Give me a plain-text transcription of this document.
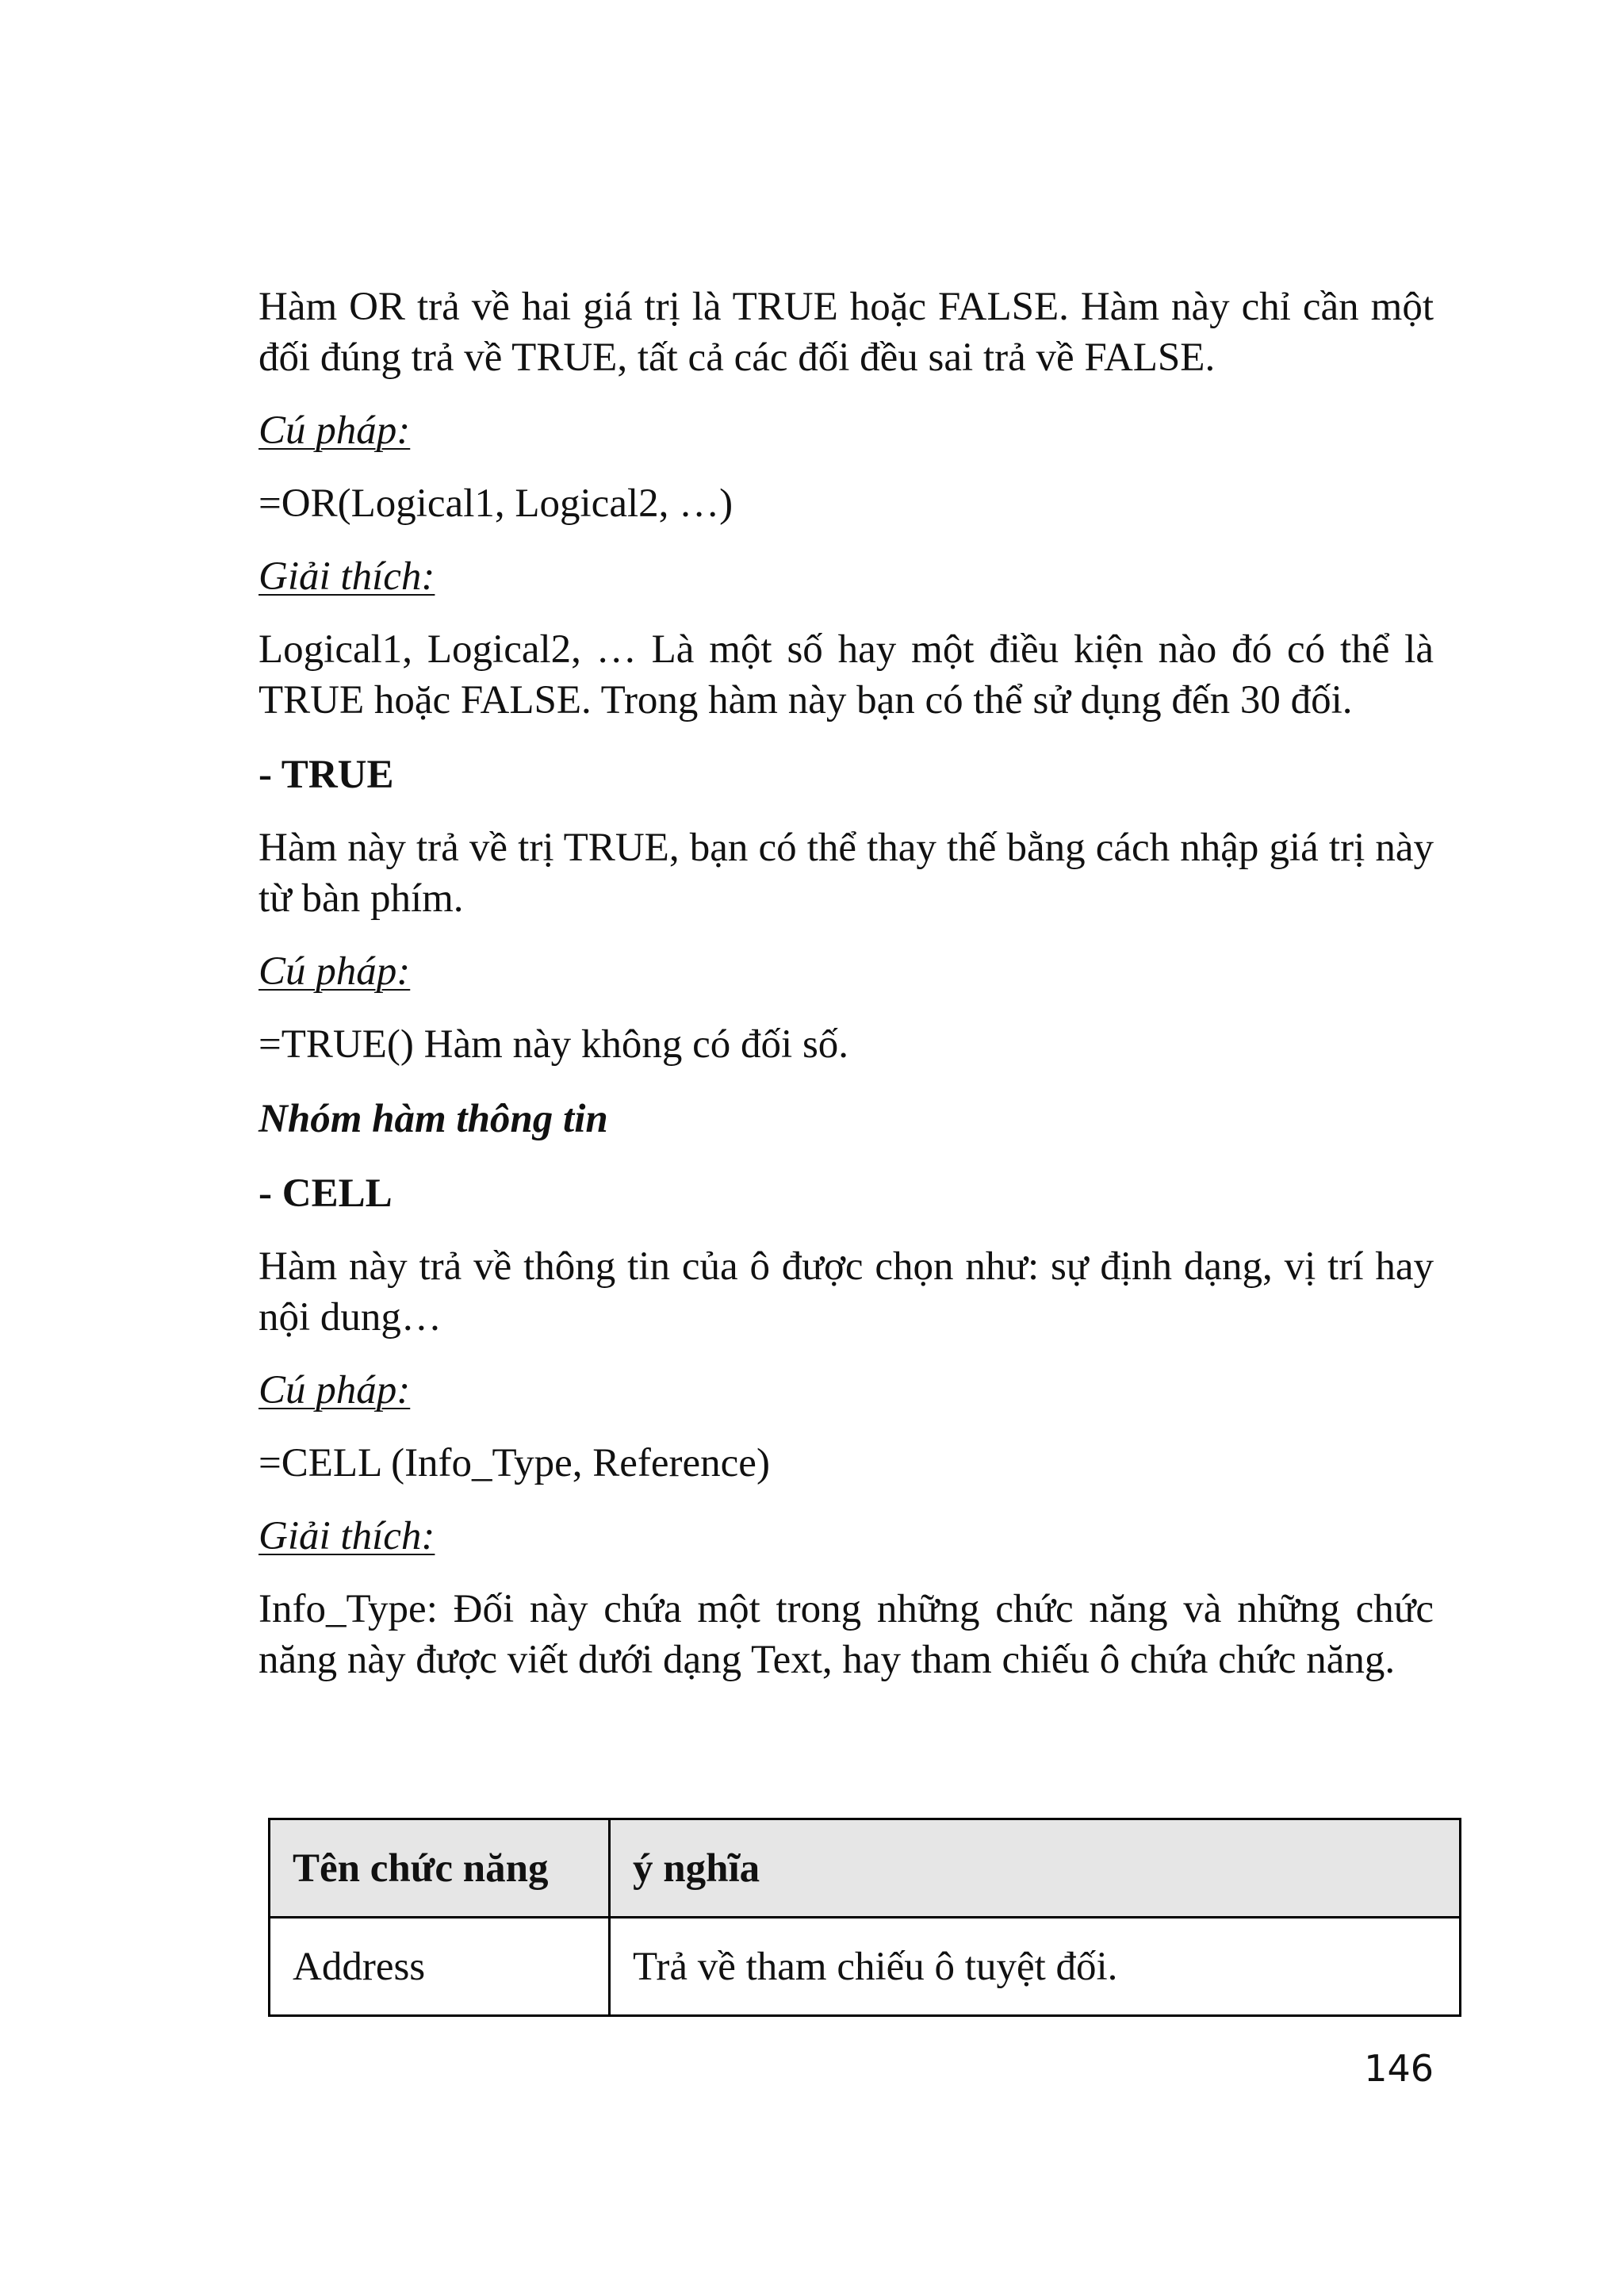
Hàm OR trả về hai giá trị là TRUE hoặc FALSE. Hàm này chỉ cần một đối đúng trả về TRUE, tất cả các đối đều sai trả về FALSE.

Cú pháp:

=OR(Logical1, Logical2, …)

Giải thích:

Logical1, Logical2, … Là một số hay một điều kiện nào đó có thể là TRUE hoặc FALSE. Trong hàm này bạn có thể sử dụng đến 30 đối.

- TRUE

Hàm này trả về trị TRUE, bạn có thể thay thế bằng cách nhập giá trị này từ bàn phím.

Cú pháp:

=TRUE() Hàm này không có đối số.

Nhóm hàm thông tin

- CELL

Hàm này trả về thông tin của ô được chọn như: sự định dạng, vị trí hay nội dung…

Cú pháp:

=CELL (Info_Type, Reference)

Giải thích:

Info_Type: Đối này chứa một trong những chức năng và những chức năng này được viết dưới dạng Text, hay tham chiếu ô chứa chức năng.

Tên chức năng	ý nghĩa
Address	Trả về tham chiếu ô tuyệt đối.
146
